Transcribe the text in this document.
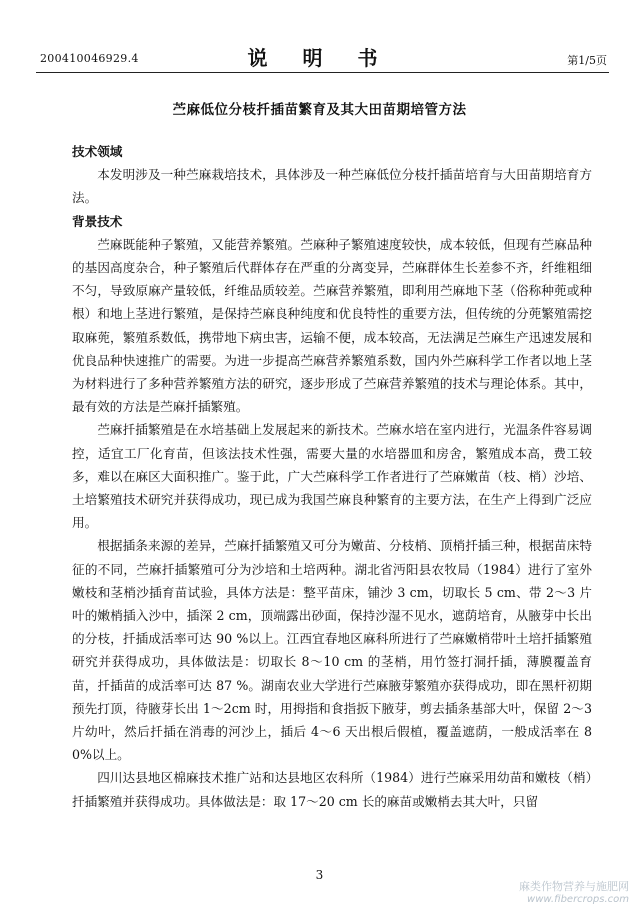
200410046929.4	说 明 书	第1/5页
苎麻低位分枝扦插苗繁育及其大田苗期培管方法

技术领域

本发明涉及一种苎麻栽培技术，具体涉及一种苎麻低位分枝扦插苗培育与大田苗期培育方法。

背景技术

苎麻既能种子繁殖，又能营养繁殖。苎麻种子繁殖速度较快，成本较低，但现有苎麻品种的基因高度杂合，种子繁殖后代群体存在严重的分离变异，苎麻群体生长差参不齐，纤维粗细不匀，导致原麻产量较低，纤维品质较差。苎麻营养繁殖，即利用苎麻地下茎（俗称种蔸或种根）和地上茎进行繁殖，是保持苎麻良种纯度和优良特性的重要方法，但传统的分蔸繁殖需挖取麻蔸，繁殖系数低，携带地下病虫害，运输不便，成本较高，无法满足苎麻生产迅速发展和优良品种快速推广的需要。为进一步提高苎麻营养繁殖系数，国内外苎麻科学工作者以地上茎为材料进行了多种营养繁殖方法的研究，逐步形成了苎麻营养繁殖的技术与理论体系。其中，最有效的方法是苎麻扦插繁殖。

苎麻扦插繁殖是在水培基础上发展起来的新技术。苎麻水培在室内进行，光温条件容易调控，适宜工厂化育苗，但该法技术性强，需要大量的水培器皿和房舍，繁殖成本高，费工较多，难以在麻区大面积推广。鉴于此，广大苎麻科学工作者进行了苎麻嫩苗（枝、梢）沙培、土培繁殖技术研究并获得成功，现已成为我国苎麻良种繁育的主要方法，在生产上得到广泛应用。

根据插条来源的差异，苎麻扦插繁殖又可分为嫩苗、分枝梢、顶梢扦插三种，根据苗床特征的不同，苎麻扦插繁殖可分为沙培和土培两种。湖北省沔阳县农牧局（1984）进行了室外嫩枝和茎梢沙插育苗试验，具体方法是：整平苗床，铺沙 3 cm，切取长 5 cm、带 2～3 片叶的嫩梢插入沙中，插深 2 cm，顶端露出砂面，保持沙湿不见水，遮荫培育，从腋芽中长出的分枝，扦插成活率可达 90 %以上。江西宜春地区麻科所进行了苎麻嫩梢带叶土培扦插繁殖研究并获得成功，具体做法是：切取长 8～10 cm 的茎梢，用竹签打洞扦插，薄膜覆盖育苗，扦插苗的成活率可达 87 %。湖南农业大学进行苎麻腋芽繁殖亦获得成功，即在黑杆初期预先打顶，待腋芽长出 1～2cm 时，用拇指和食指扳下腋芽，剪去插条基部大叶，保留 2～3 片幼叶，然后扦插在消毒的河沙上，插后 4～6 天出根后假植，覆盖遮荫，一般成活率在 80%以上。

四川达县地区棉麻技术推广站和达县地区农科所（1984）进行苎麻采用幼苗和嫩枝（梢）扦插繁殖并获得成功。具体做法是：取 17～20 cm 长的麻苗或嫩梢去其大叶，只留

3
麻类作物营养与施肥网
www.fibercrops.com
